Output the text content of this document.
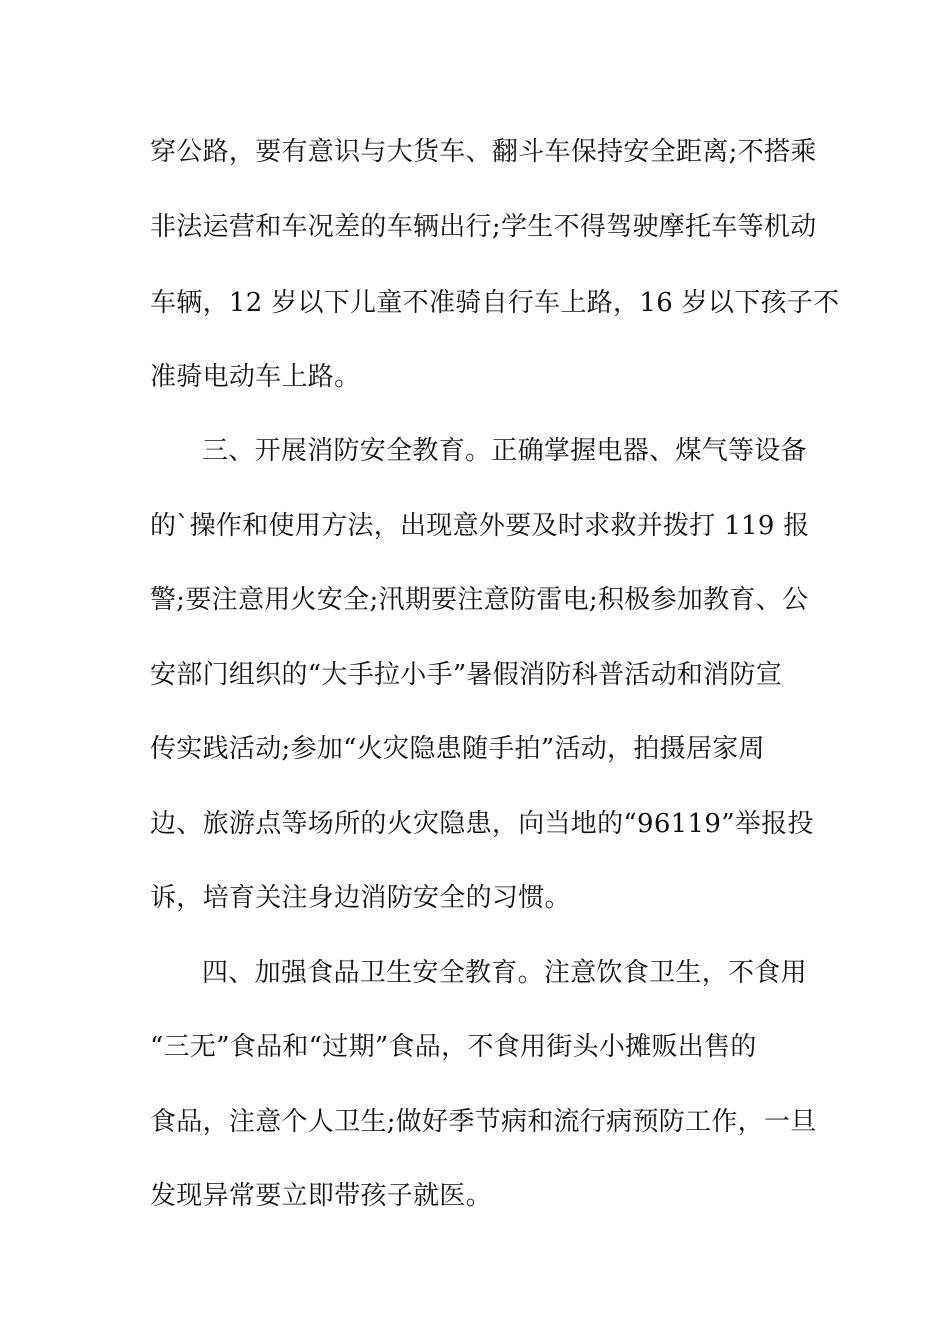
穿公路，要有意识与大货车、翻斗车保持安全距离;不搭乘
非法运营和车况差的车辆出行;学生不得驾驶摩托车等机动
车辆，12 岁以下儿童不准骑自行车上路，16 岁以下孩子不
准骑电动车上路。
三、开展消防安全教育。正确掌握电器、煤气等设备
的`操作和使用方法，出现意外要及时求救并拨打 119 报
警;要注意用火安全;汛期要注意防雷电;积极参加教育、公
安部门组织的“大手拉小手”暑假消防科普活动和消防宣
传实践活动;参加“火灾隐患随手拍”活动，拍摄居家周
边、旅游点等场所的火灾隐患，向当地的“96119”举报投
诉，培育关注身边消防安全的习惯。
四、加强食品卫生安全教育。注意饮食卫生，不食用
“三无”食品和“过期”食品，不食用街头小摊贩出售的
食品，注意个人卫生;做好季节病和流行病预防工作，一旦
发现异常要立即带孩子就医。
